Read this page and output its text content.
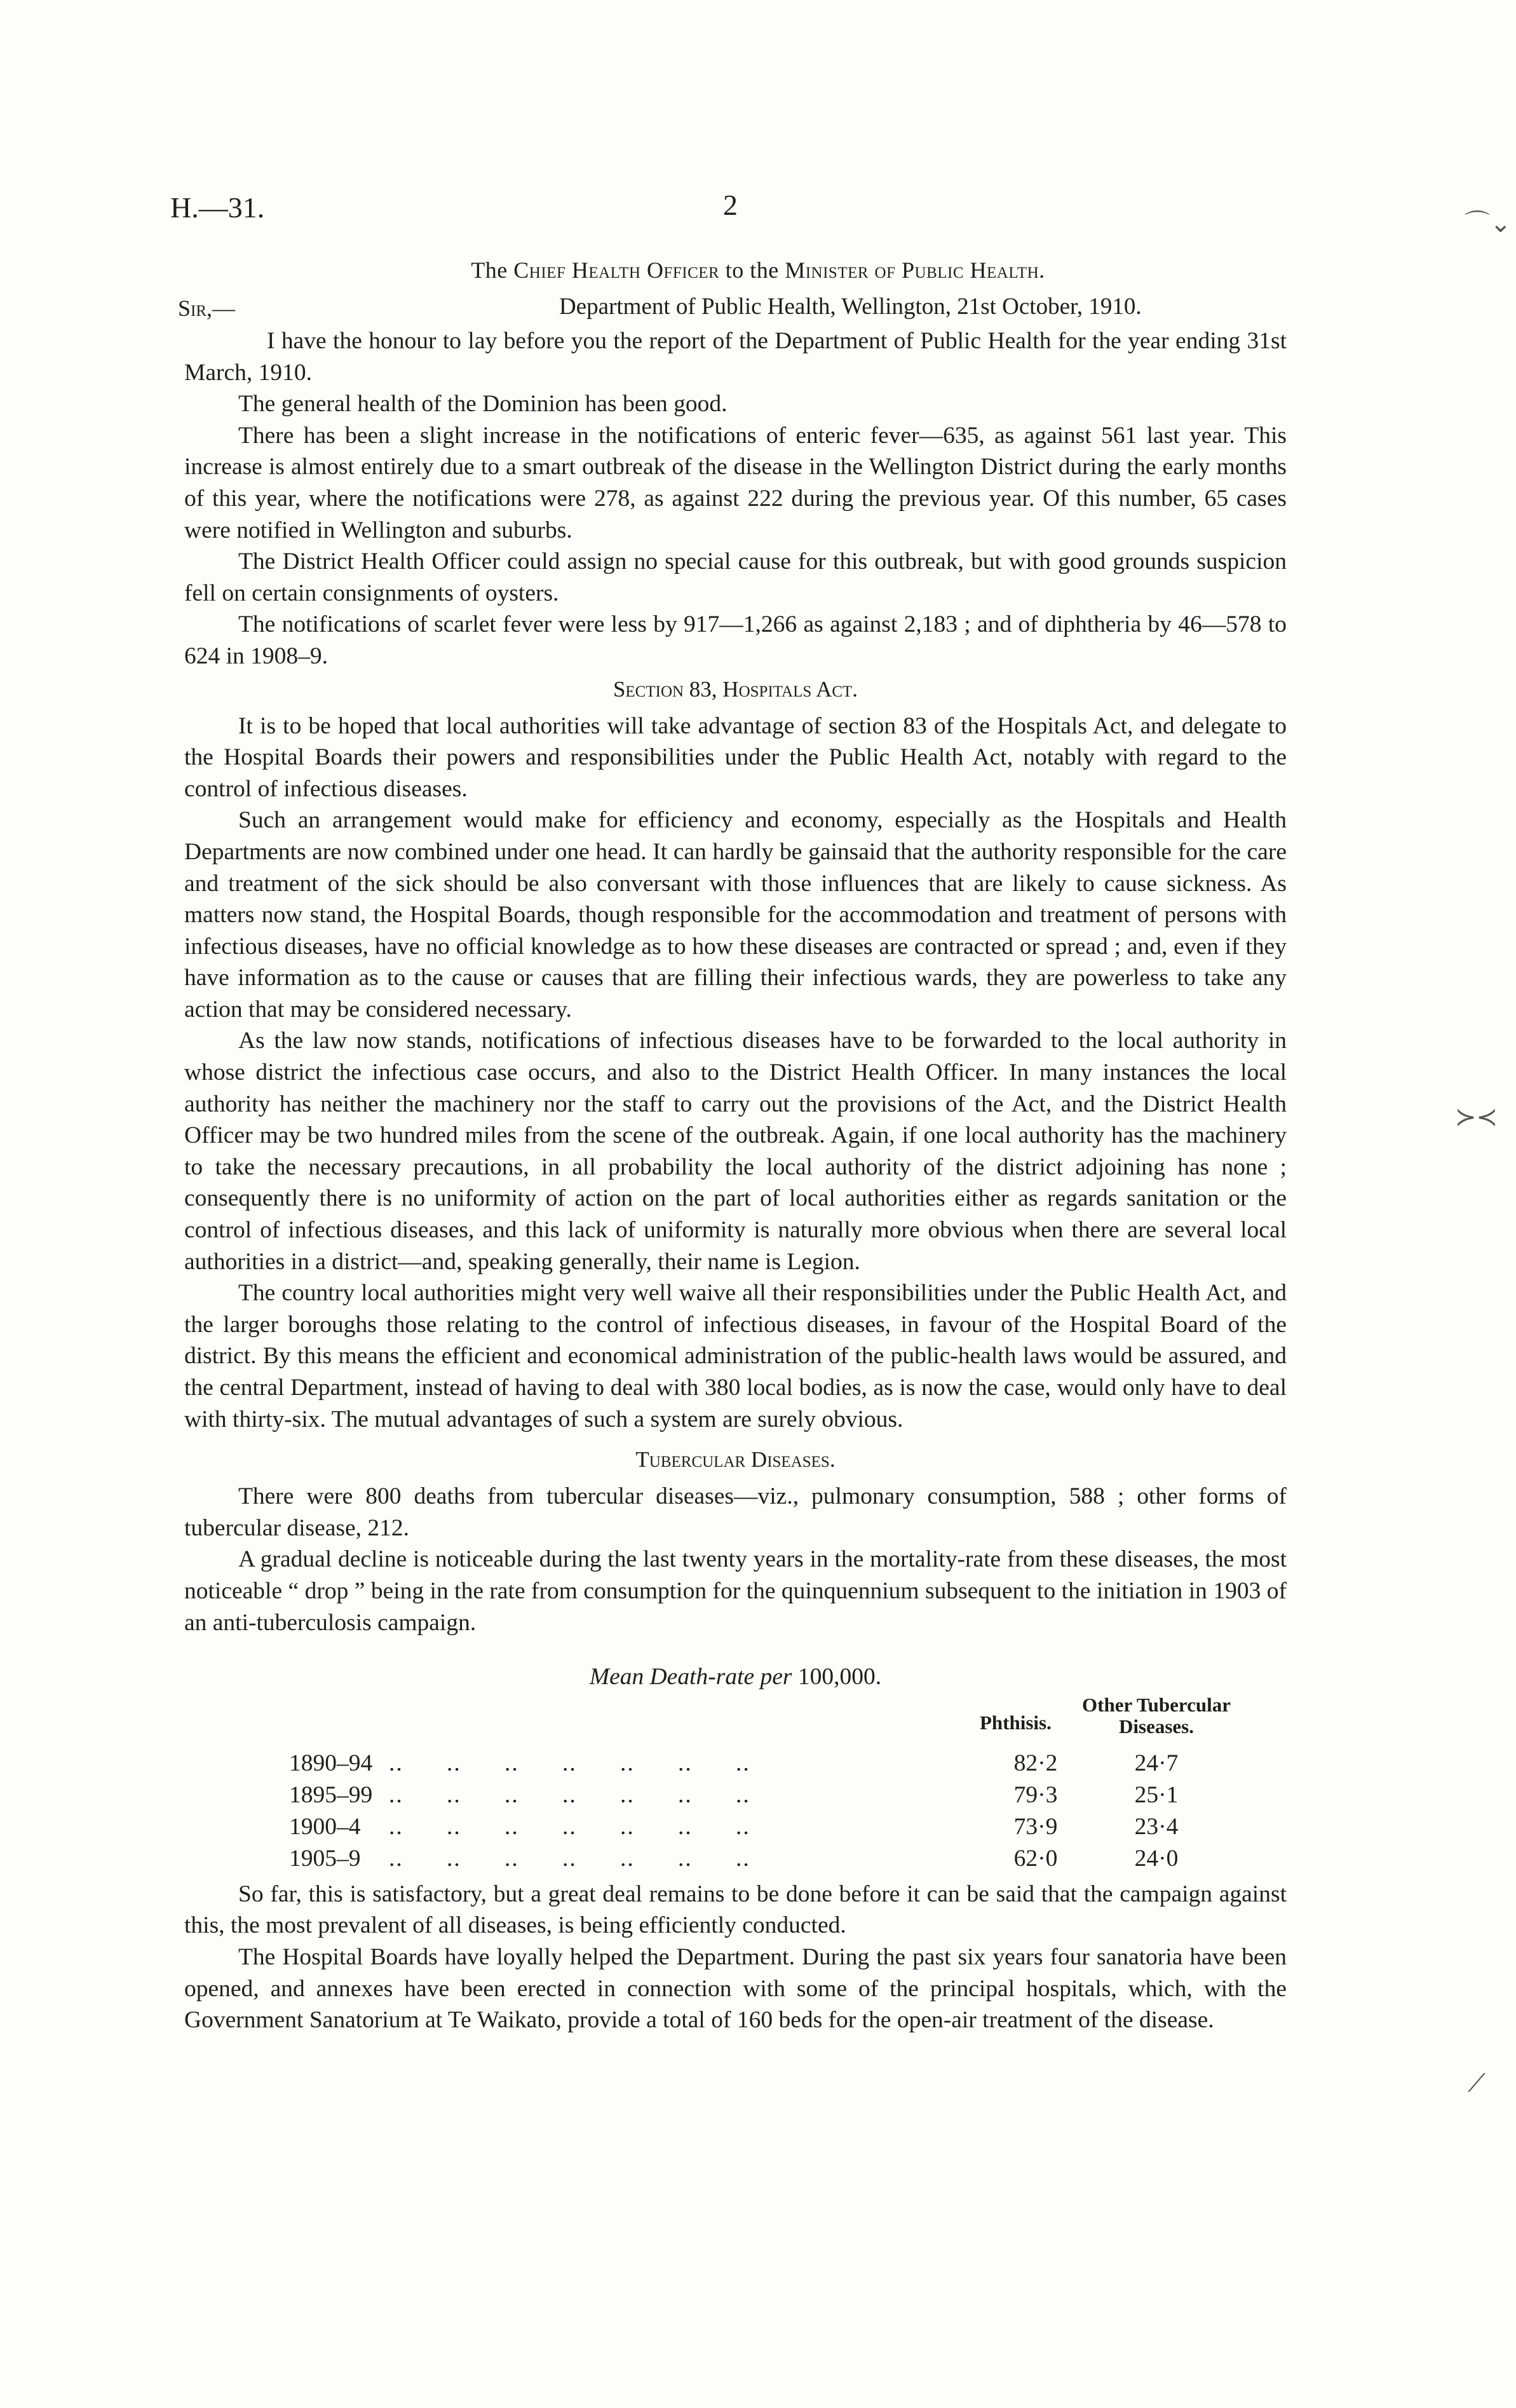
H.—31.	2
⌒⌄
≻≺
⟋
The Chief Health Officer to the Minister of Public Health.
Sir,—	Department of Public Health, Wellington, 21st October, 1910.

I have the honour to lay before you the report of the Department of Public Health for the year ending 31st March, 1910.

The general health of the Dominion has been good.

There has been a slight increase in the notifications of enteric fever—635, as against 561 last year. This increase is almost entirely due to a smart outbreak of the disease in the Wellington District during the early months of this year, where the notifications were 278, as against 222 during the previous year. Of this number, 65 cases were notified in Wellington and suburbs.

The District Health Officer could assign no special cause for this outbreak, but with good grounds suspicion fell on certain consignments of oysters.

The notifications of scarlet fever were less by 917—1,266 as against 2,183 ; and of diphtheria by 46—578 to 624 in 1908–9.

Section 83, Hospitals Act.

It is to be hoped that local authorities will take advantage of section 83 of the Hospitals Act, and delegate to the Hospital Boards their powers and responsibilities under the Public Health Act, notably with regard to the control of infectious diseases.

Such an arrangement would make for efficiency and economy, especially as the Hospitals and Health Departments are now combined under one head. It can hardly be gainsaid that the authority responsible for the care and treatment of the sick should be also conversant with those influences that are likely to cause sickness. As matters now stand, the Hospital Boards, though responsible for the accommodation and treatment of persons with infectious diseases, have no official knowledge as to how these diseases are contracted or spread ; and, even if they have information as to the cause or causes that are filling their infectious wards, they are powerless to take any action that may be considered necessary.

As the law now stands, notifications of infectious diseases have to be forwarded to the local authority in whose district the infectious case occurs, and also to the District Health Officer. In many instances the local authority has neither the machinery nor the staff to carry out the provisions of the Act, and the District Health Officer may be two hundred miles from the scene of the outbreak. Again, if one local authority has the machinery to take the necessary precautions, in all probability the local authority of the district adjoining has none ; consequently there is no uniformity of action on the part of local authorities either as regards sanitation or the control of infectious diseases, and this lack of uniformity is naturally more obvious when there are several local authorities in a district—and, speaking generally, their name is Legion.

The country local authorities might very well waive all their responsibilities under the Public Health Act, and the larger boroughs those relating to the control of infectious diseases, in favour of the Hospital Board of the district. By this means the efficient and economical administration of the public-health laws would be assured, and the central Department, instead of having to deal with 380 local bodies, as is now the case, would only have to deal with thirty-six. The mutual advantages of such a system are surely obvious.

Tubercular Diseases.

There were 800 deaths from tubercular diseases—viz., pulmonary consumption, 588 ; other forms of tubercular disease, 212.

A gradual decline is noticeable during the last twenty years in the mortality-rate from these diseases, the most noticeable “ drop ” being in the rate from consumption for the quinquennium subsequent to the initiation in 1903 of an anti-tuberculosis campaign.

Mean Death-rate per 100,000.
Phthisis.
Other Tubercular Diseases.
1890–94 ..      ..      ..      ..      ..      ..      ..	82·2	24·7
1895–99 ..      ..      ..      ..      ..      ..      ..	79·3	25·1
1900–4 ..      ..      ..      ..      ..      ..      ..	73·9	23·4
1905–9 ..      ..      ..      ..      ..      ..      ..	62·0	24·0

So far, this is satisfactory, but a great deal remains to be done before it can be said that the campaign against this, the most prevalent of all diseases, is being efficiently conducted.

The Hospital Boards have loyally helped the Department. During the past six years four sanatoria have been opened, and annexes have been erected in connection with some of the principal hospitals, which, with the Government Sanatorium at Te Waikato, provide a total of 160 beds for the open-air treatment of the disease.
